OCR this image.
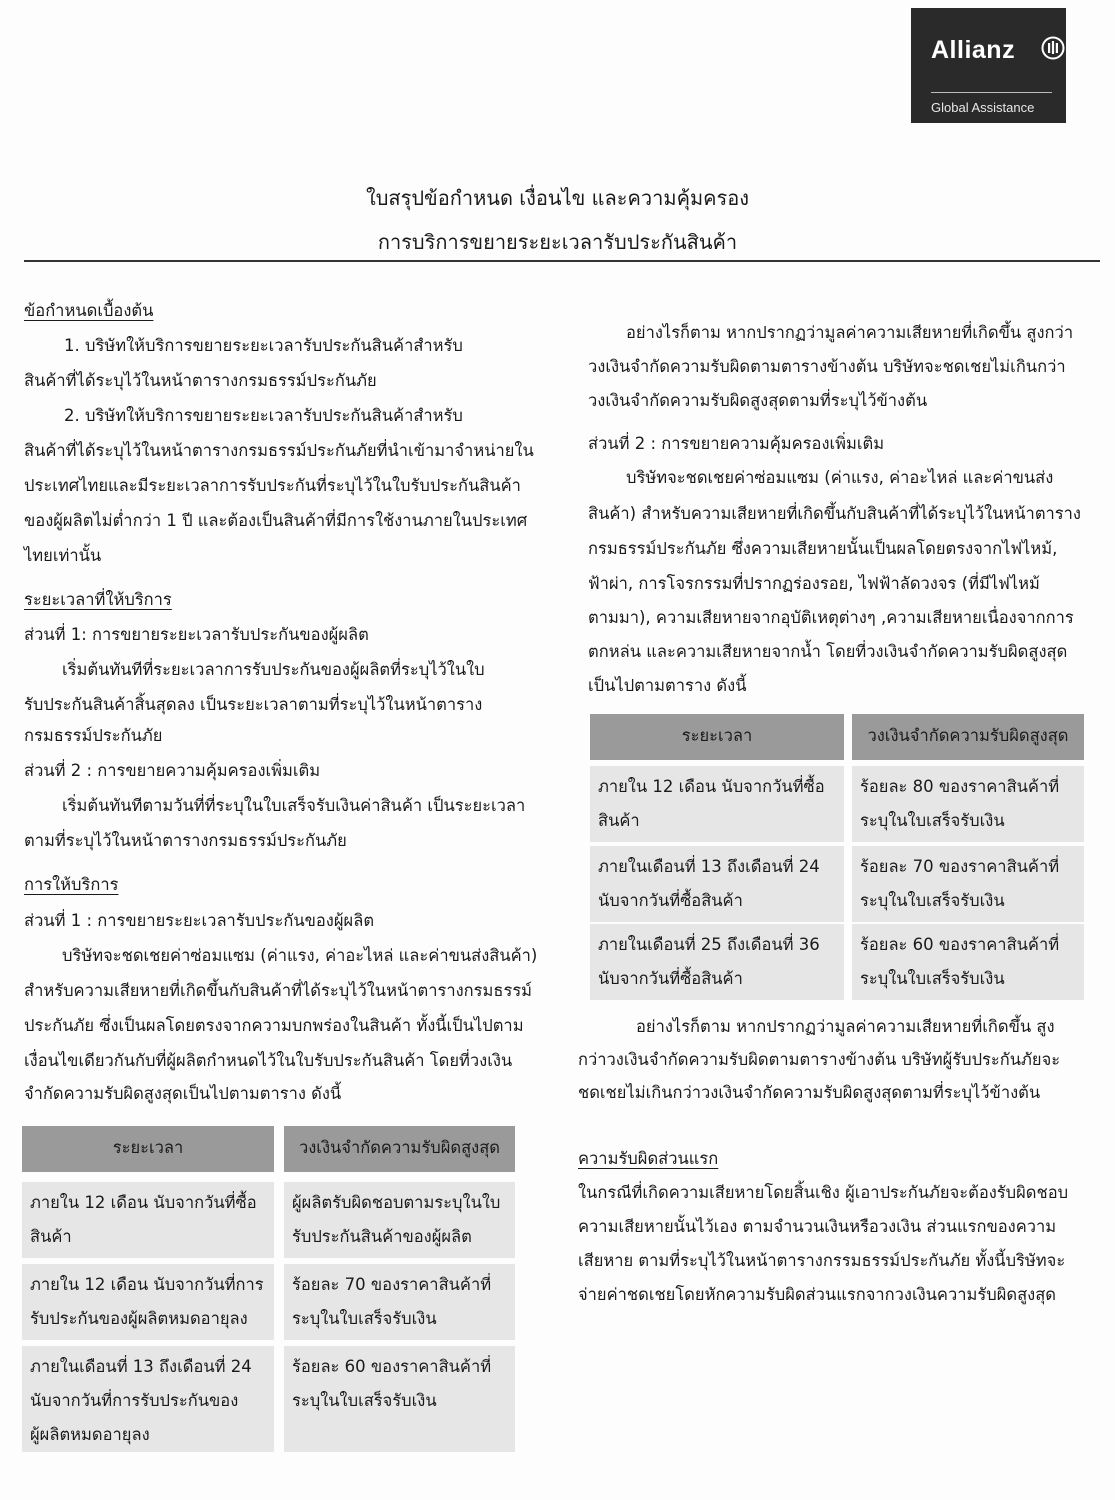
Allianz
Global Assistance
ใบสรุปข้อกำหนด เงื่อนไข และความคุ้มครอง
การบริการขยายระยะเวลารับประกันสินค้า
ข้อกำหนดเบื้องต้น
1. บริษัทให้บริการขยายระยะเวลารับประกันสินค้าสำหรับ
สินค้าที่ได้ระบุไว้ในหน้าตารางกรมธรรม์ประกันภัย
2. บริษัทให้บริการขยายระยะเวลารับประกันสินค้าสำหรับ
สินค้าที่ได้ระบุไว้ในหน้าตารางกรมธรรม์ประกันภัยที่นำเข้ามาจำหน่ายใน
ประเทศไทยและมีระยะเวลาการรับประกันที่ระบุไว้ในใบรับประกันสินค้า
ของผู้ผลิตไม่ต่ำกว่า 1 ปี และต้องเป็นสินค้าที่มีการใช้งานภายในประเทศ
ไทยเท่านั้น
ระยะเวลาที่ให้บริการ
ส่วนที่ 1: การขยายระยะเวลารับประกันของผู้ผลิต
เริ่มต้นทันทีที่ระยะเวลาการรับประกันของผู้ผลิตที่ระบุไว้ในใบ
รับประกันสินค้าสิ้นสุดลง เป็นระยะเวลาตามที่ระบุไว้ในหน้าตาราง
กรมธรรม์ประกันภัย
ส่วนที่ 2 : การขยายความคุ้มครองเพิ่มเติม
เริ่มต้นทันทีตามวันที่ที่ระบุในใบเสร็จรับเงินค่าสินค้า เป็นระยะเวลา
ตามที่ระบุไว้ในหน้าตารางกรมธรรม์ประกันภัย
การให้บริการ
ส่วนที่ 1 : การขยายระยะเวลารับประกันของผู้ผลิต
บริษัทจะชดเชยค่าซ่อมแซม (ค่าแรง, ค่าอะไหล่ และค่าขนส่งสินค้า)
สำหรับความเสียหายที่เกิดขึ้นกับสินค้าที่ได้ระบุไว้ในหน้าตารางกรมธรรม์
ประกันภัย ซึ่งเป็นผลโดยตรงจากความบกพร่องในสินค้า ทั้งนี้เป็นไปตาม
เงื่อนไขเดียวกันกับที่ผู้ผลิตกำหนดไว้ในใบรับประกันสินค้า โดยที่วงเงิน
จำกัดความรับผิดสูงสุดเป็นไปตามตาราง ดังนี้
ระยะเวลา	วงเงินจำกัดความรับผิดสูงสุด
ภายใน 12 เดือน นับจากวันที่ซื้อ
สินค้า
ผู้ผลิตรับผิดชอบตามระบุในใบ
รับประกันสินค้าของผู้ผลิต
ภายใน 12 เดือน นับจากวันที่การ
รับประกันของผู้ผลิตหมดอายุลง
ร้อยละ 70 ของราคาสินค้าที่
ระบุในใบเสร็จรับเงิน
ภายในเดือนที่ 13 ถึงเดือนที่ 24
นับจากวันที่การรับประกันของ
ผู้ผลิตหมดอายุลง
ร้อยละ 60 ของราคาสินค้าที่
ระบุในใบเสร็จรับเงิน
อย่างไรก็ตาม หากปรากฏว่ามูลค่าความเสียหายที่เกิดขึ้น สูงกว่า
วงเงินจำกัดความรับผิดตามตารางข้างต้น บริษัทจะชดเชยไม่เกินกว่า
วงเงินจำกัดความรับผิดสูงสุดตามที่ระบุไว้ข้างต้น
ส่วนที่ 2 : การขยายความคุ้มครองเพิ่มเติม
บริษัทจะชดเชยค่าซ่อมแซม (ค่าแรง, ค่าอะไหล่ และค่าขนส่ง
สินค้า) สำหรับความเสียหายที่เกิดขึ้นกับสินค้าที่ได้ระบุไว้ในหน้าตาราง
กรมธรรม์ประกันภัย ซึ่งความเสียหายนั้นเป็นผลโดยตรงจากไฟไหม้,
ฟ้าผ่า, การโจรกรรมที่ปรากฏร่องรอย, ไฟฟ้าลัดวงจร (ที่มีไฟไหม้
ตามมา), ความเสียหายจากอุบัติเหตุต่างๆ ,ความเสียหายเนื่องจากการ
ตกหล่น และความเสียหายจากน้ำ โดยที่วงเงินจำกัดความรับผิดสูงสุด
เป็นไปตามตาราง ดังนี้
ระยะเวลา	วงเงินจำกัดความรับผิดสูงสุด
ภายใน 12 เดือน นับจากวันที่ซื้อ
สินค้า
ร้อยละ 80 ของราคาสินค้าที่
ระบุในใบเสร็จรับเงิน
ภายในเดือนที่ 13 ถึงเดือนที่ 24
นับจากวันที่ซื้อสินค้า
ร้อยละ 70 ของราคาสินค้าที่
ระบุในใบเสร็จรับเงิน
ภายในเดือนที่ 25 ถึงเดือนที่ 36
นับจากวันที่ซื้อสินค้า
ร้อยละ 60 ของราคาสินค้าที่
ระบุในใบเสร็จรับเงิน
อย่างไรก็ตาม หากปรากฏว่ามูลค่าความเสียหายที่เกิดขึ้น สูง
กว่าวงเงินจำกัดความรับผิดตามตารางข้างต้น บริษัทผู้รับประกันภัยจะ
ชดเชยไม่เกินกว่าวงเงินจำกัดความรับผิดสูงสุดตามที่ระบุไว้ข้างต้น
ความรับผิดส่วนแรก
ในกรณีที่เกิดความเสียหายโดยสิ้นเชิง ผู้เอาประกันภัยจะต้องรับผิดชอบ
ความเสียหายนั้นไว้เอง ตามจำนวนเงินหรือวงเงิน ส่วนแรกของความ
เสียหาย ตามที่ระบุไว้ในหน้าตารางกรรมธรรม์ประกันภัย ทั้งนี้บริษัทจะ
จ่ายค่าชดเชยโดยหักความรับผิดส่วนแรกจากวงเงินความรับผิดสูงสุด
